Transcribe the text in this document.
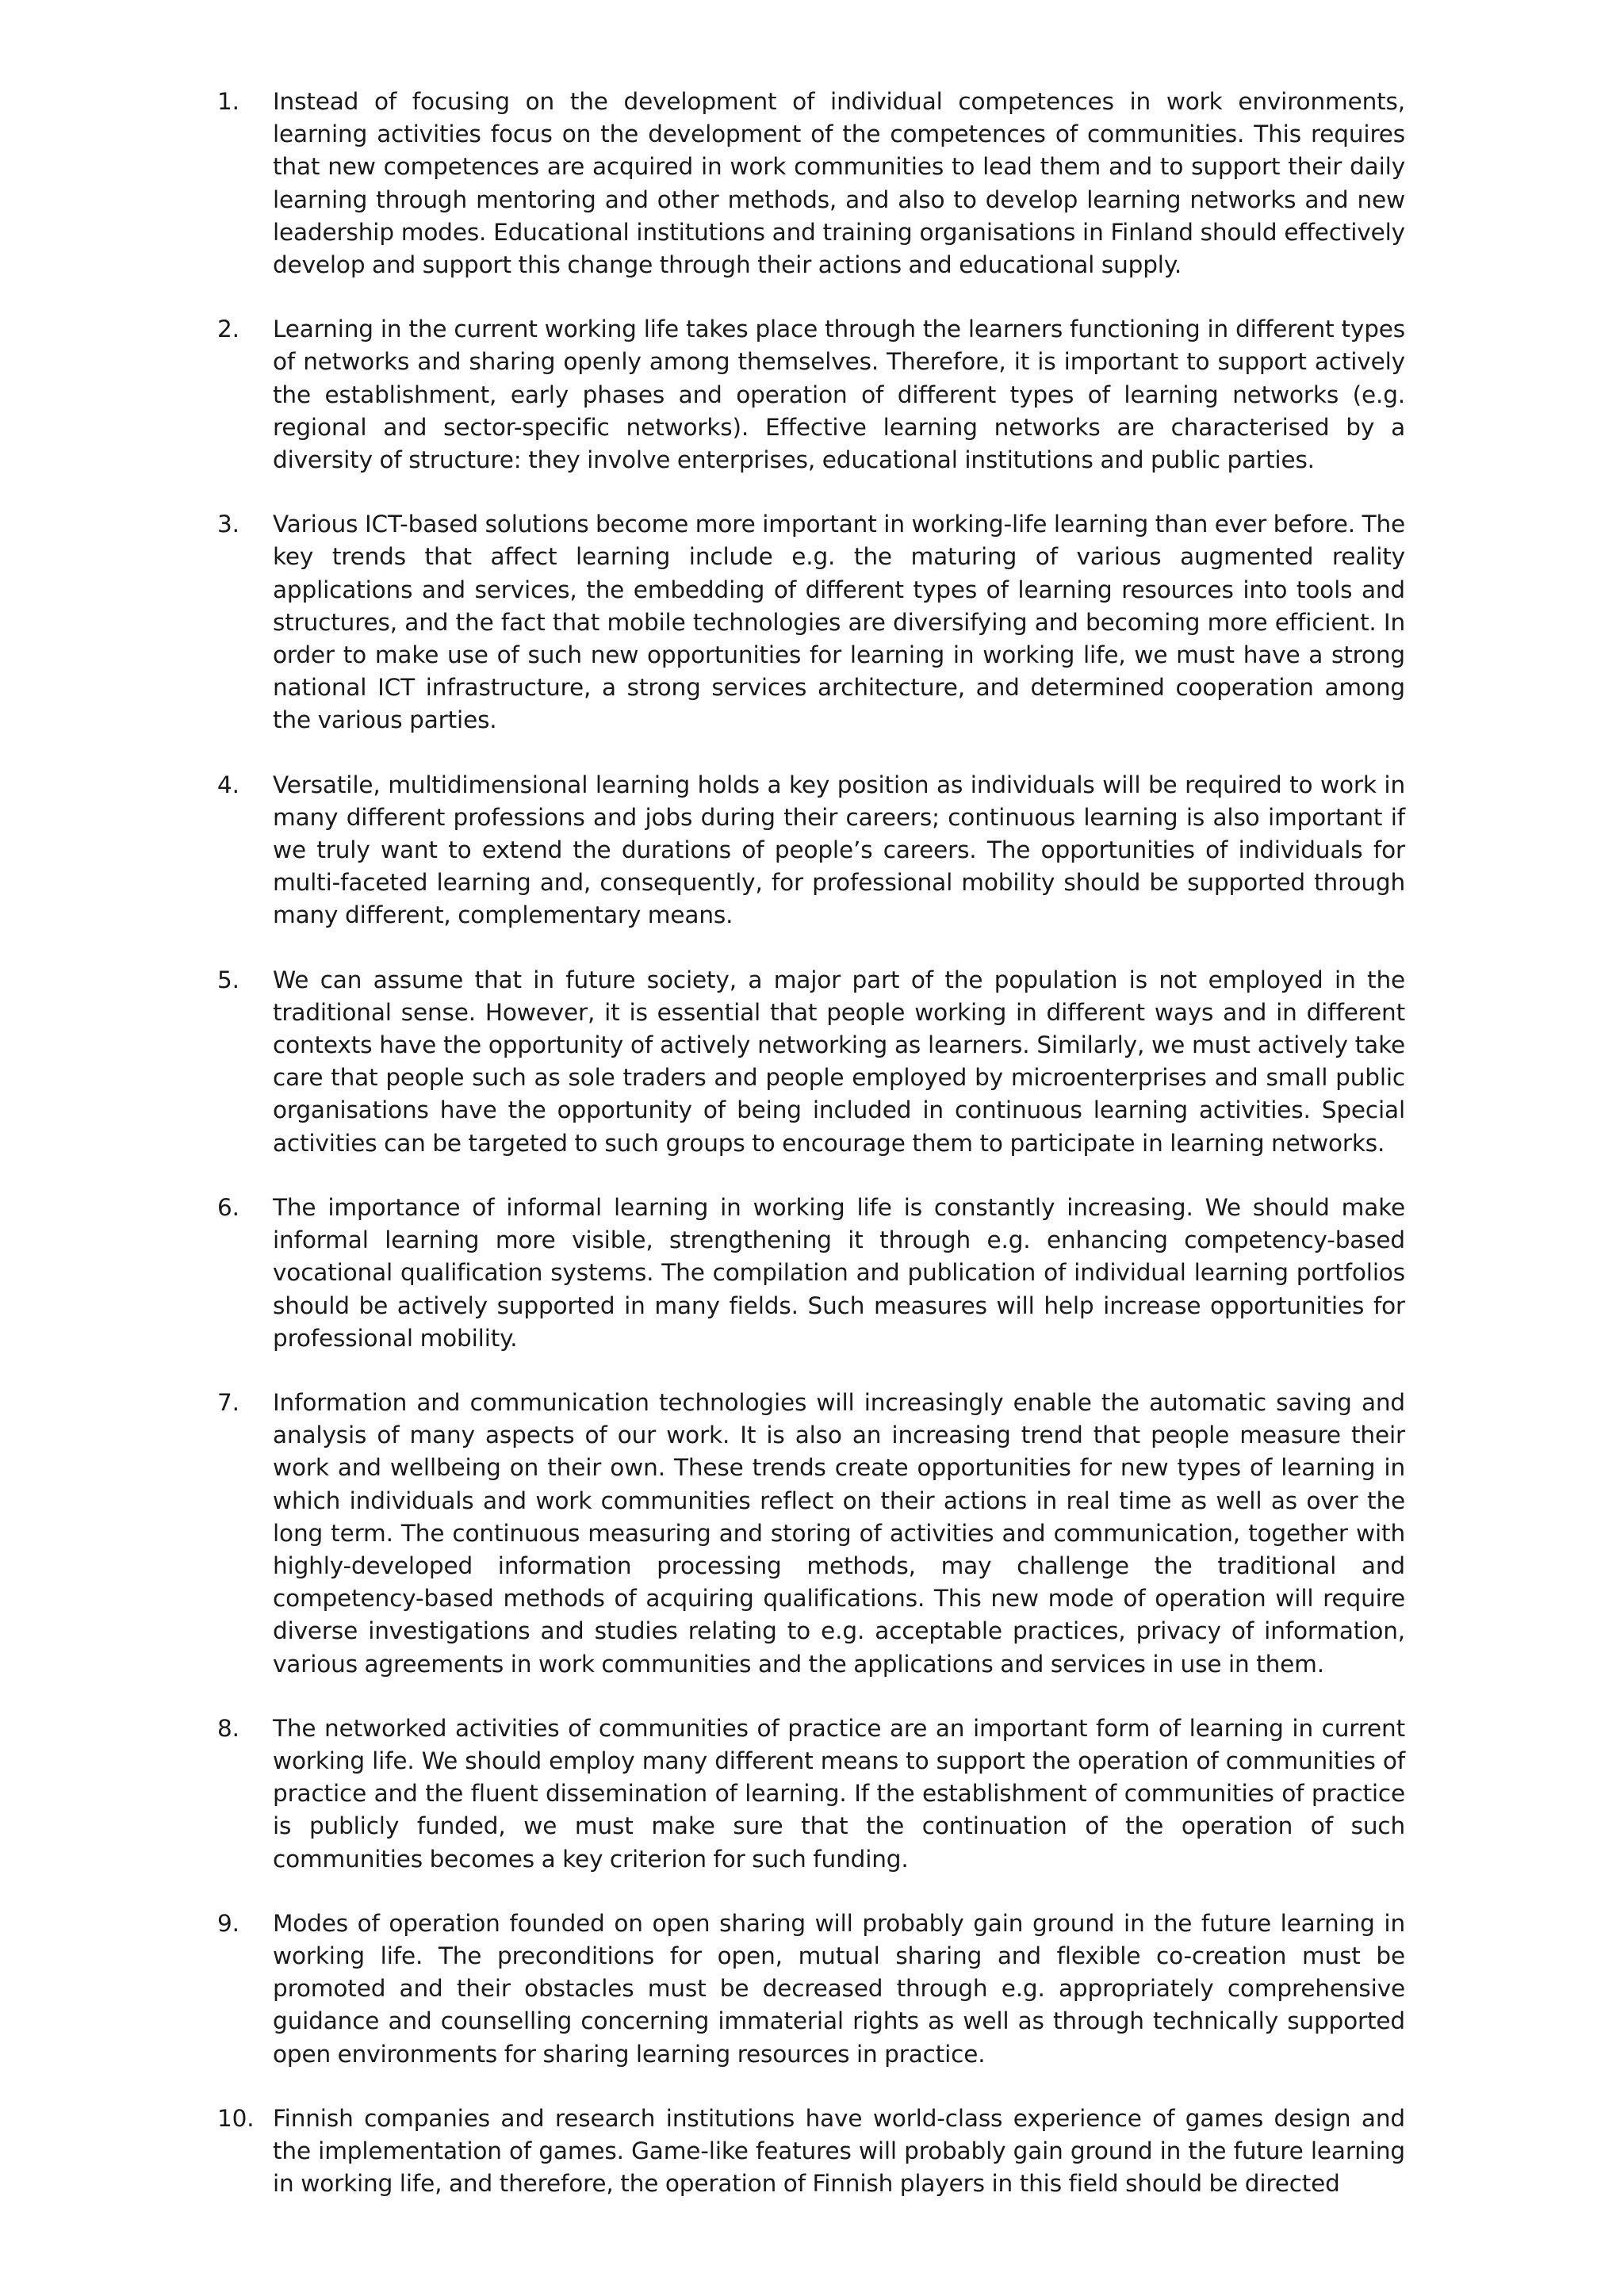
1.	Instead of focusing on the development of individual competences in work environments, learning activities focus on the development of the competences of communities. This requires that new competences are acquired in work communities to lead them and to support their daily learning through mentoring and other methods, and also to develop learning networks and new leadership modes. Educational institutions and training organisations in Finland should effectively develop and support this change through their actions and educational supply.
2.	Learning in the current working life takes place through the learners functioning in different types of networks and sharing openly among themselves. Therefore, it is important to support actively the establishment, early phases and operation of different types of learning networks (e.g. regional and sector-specific networks). Effective learning networks are characterised by a diversity of structure: they involve enterprises, educational institutions and public parties.
3.	Various ICT-based solutions become more important in working-life learning than ever before. The key trends that affect learning include e.g. the maturing of various augmented reality applications and services, the embedding of different types of learning resources into tools and structures, and the fact that mobile technologies are diversifying and becoming more efficient. In order to make use of such new opportunities for learning in working life, we must have a strong national ICT infrastructure, a strong services architecture, and determined cooperation among the various parties.
4.	Versatile, multidimensional learning holds a key position as individuals will be required to work in many different professions and jobs during their careers; continuous learning is also important if we truly want to extend the durations of people’s careers. The opportunities of individuals for multi-faceted learning and, consequently, for professional mobility should be supported through many different, complementary means.
5.	We can assume that in future society, a major part of the population is not employed in the traditional sense. However, it is essential that people working in different ways and in different contexts have the opportunity of actively networking as learners. Similarly, we must actively take care that people such as sole traders and people employed by microenterprises and small public organisations have the opportunity of being included in continuous learning activities. Special activities can be targeted to such groups to encourage them to participate in learning networks.
6.	The importance of informal learning in working life is constantly increasing. We should make informal learning more visible, strengthening it through e.g. enhancing competency-based vocational qualification systems. The compilation and publication of individual learning portfolios should be actively supported in many fields. Such measures will help increase opportunities for professional mobility.
7.	Information and communication technologies will increasingly enable the automatic saving and analysis of many aspects of our work. It is also an increasing trend that people measure their work and wellbeing on their own. These trends create opportunities for new types of learning in which individuals and work communities reflect on their actions in real time as well as over the long term. The continuous measuring and storing of activities and communication, together with highly-developed information processing methods, may challenge the traditional and competency-based methods of acquiring qualifications. This new mode of operation will require diverse investigations and studies relating to e.g. acceptable practices, privacy of information, various agreements in work communities and the applications and services in use in them.
8.	The networked activities of communities of practice are an important form of learning in current working life. We should employ many different means to support the operation of communities of practice and the fluent dissemination of learning. If the establishment of communities of practice is publicly funded, we must make sure that the continuation of the operation of such communities becomes a key criterion for such funding.
9.	Modes of operation founded on open sharing will probably gain ground in the future learning in working life. The preconditions for open, mutual sharing and flexible co-creation must be promoted and their obstacles must be decreased through e.g. appropriately comprehensive guidance and counselling concerning immaterial rights as well as through technically supported open environments for sharing learning resources in practice.
10. Finnish companies and research institutions have world-class experience of games design and the implementation of games. Game-like features will probably gain ground in the future learning in working life, and therefore, the operation of Finnish players in this field should be directed
